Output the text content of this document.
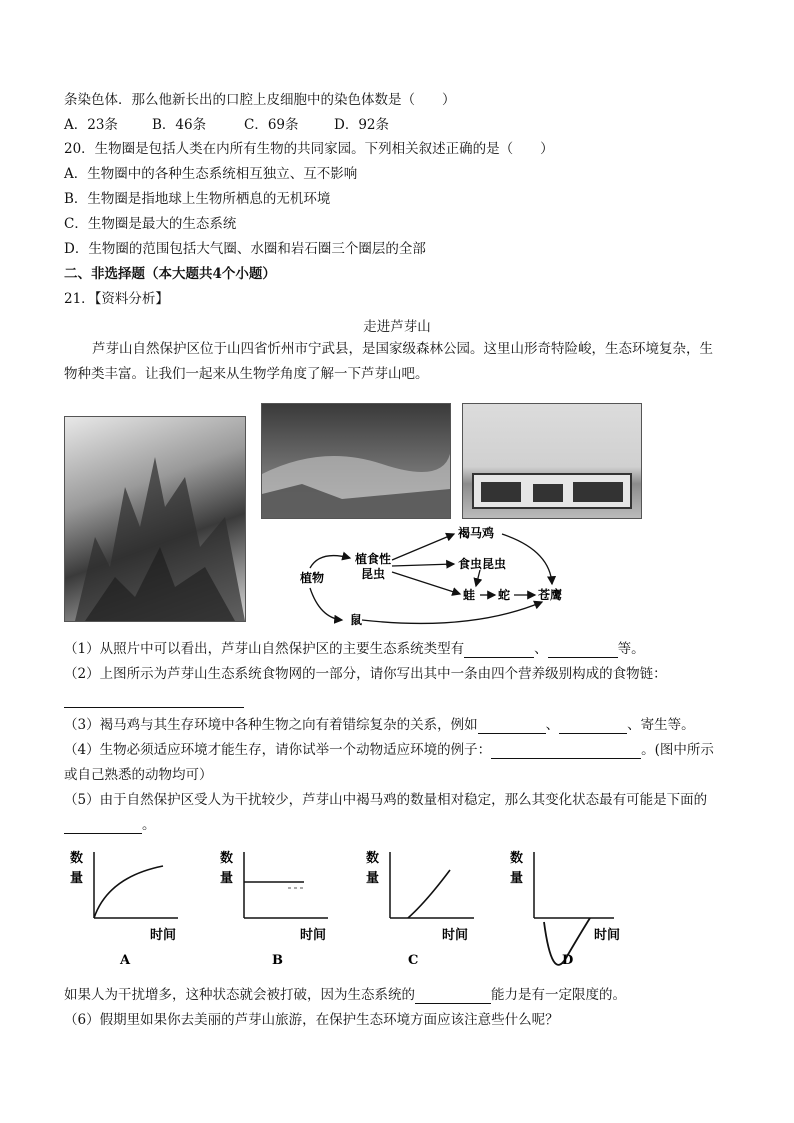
条染色体．那么他新长出的口腔上皮细胞中的染色体数是（　　）
A．23条	B．46条	C．69条	D．92条
20．生物圈是包括人类在内所有生物的共同家园。下列相关叙述正确的是（　　）
A．生物圈中的各种生态系统相互独立、互不影响
B．生物圈是指地球上生物所栖息的无机环境
C．生物圈是最大的生态系统
D．生物圈的范围包括大气圈、水圈和岩石圈三个圈层的全部
二、非选择题（本大题共4个小题）
21．【资料分析】
走进芦芽山
芦芽山自然保护区位于山四省忻州市宁武县，是国家级森林公园。这里山形奇特险峻，生态环境复杂，生
物种类丰富。让我们一起来从生物学角度了解一下芦芽山吧。
植物
植食性
昆虫
鼠
褐马鸡
食虫昆虫
蛙 蛇 苍鹰
（1）从照片中可以看出，芦芽山自然保护区的主要生态系统类型有	、	等。
（2）上图所示为芦芽山生态系统食物网的一部分，请你写出其中一条由四个营养级别构成的食物链：
（3）褐马鸡与其生存环境中各种生物之向有着错综复杂的关系，例如	、	、寄生等。
（4）生物必须适应环境才能生存，请你试举一个动物适应环境的例子：	。(图中所示
或自己熟悉的动物均可）
（5）由于自然保护区受人为干扰较少，芦芽山中褐马鸡的数量相对稳定，那么其变化状态最有可能是下面的
。
数
量
时间
A
数
量
时间
B
数
量
时间
C
数
量
时间
D
如果人为干扰增多，这种状态就会被打破，因为生态系统的	能力是有一定限度的。
（6）假期里如果你去美丽的芦芽山旅游，在保护生态环境方面应该注意些什么呢？
